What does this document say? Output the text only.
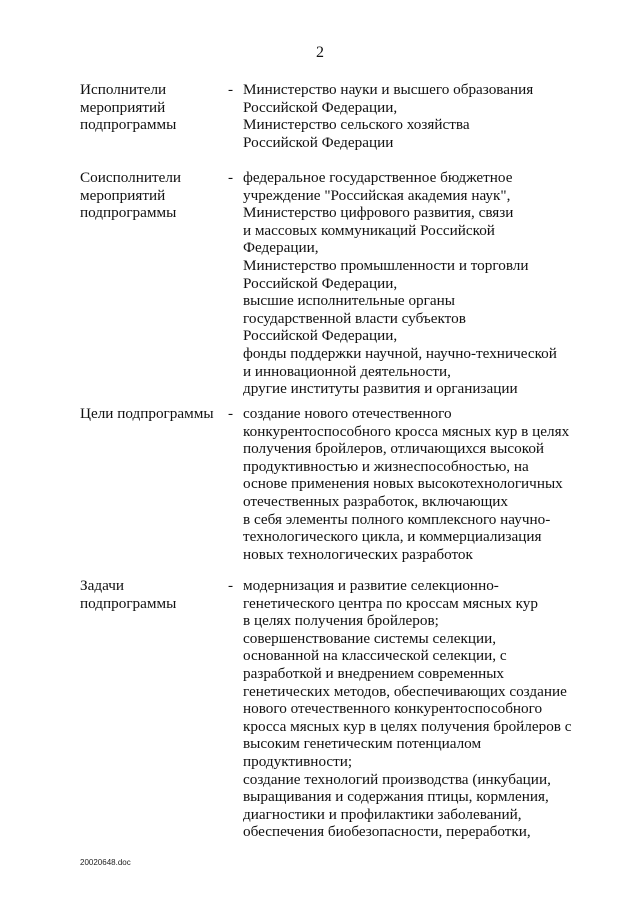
2
Исполнители
мероприятий
подпрограммы
- Министерство науки и высшего образования
Российской Федерации,
Министерство сельского хозяйства
Российской Федерации
Соисполнители
мероприятий
подпрограммы
- федеральное государственное бюджетное
учреждение "Российская академия наук",
Министерство цифрового развития, связи
и массовых коммуникаций Российской
Федерации,
Министерство промышленности и торговли
Российской Федерации,
высшие исполнительные органы
государственной власти субъектов
Российской Федерации,
фонды поддержки научной, научно-технической
и инновационной деятельности,
другие институты развития и организации
Цели подпрограммы - создание нового отечественного
конкурентоспособного кросса мясных кур в целях
получения бройлеров, отличающихся высокой
продуктивностью и жизнеспособностью, на
основе применения новых высокотехнологичных
отечественных разработок, включающих
в себя элементы полного комплексного научно-
технологического цикла, и коммерциализация
новых технологических разработок
Задачи
подпрограммы
- модернизация и развитие селекционно-
генетического центра по кроссам мясных кур
в целях получения бройлеров;
совершенствование системы селекции,
основанной на классической селекции, с
разработкой и внедрением современных
генетических методов, обеспечивающих создание
нового отечественного конкурентоспособного
кросса мясных кур в целях получения бройлеров с
высоким генетическим потенциалом
продуктивности;
создание технологий производства (инкубации,
выращивания и содержания птицы, кормления,
диагностики и профилактики заболеваний,
обеспечения биобезопасности, переработки,
20020648.doc
